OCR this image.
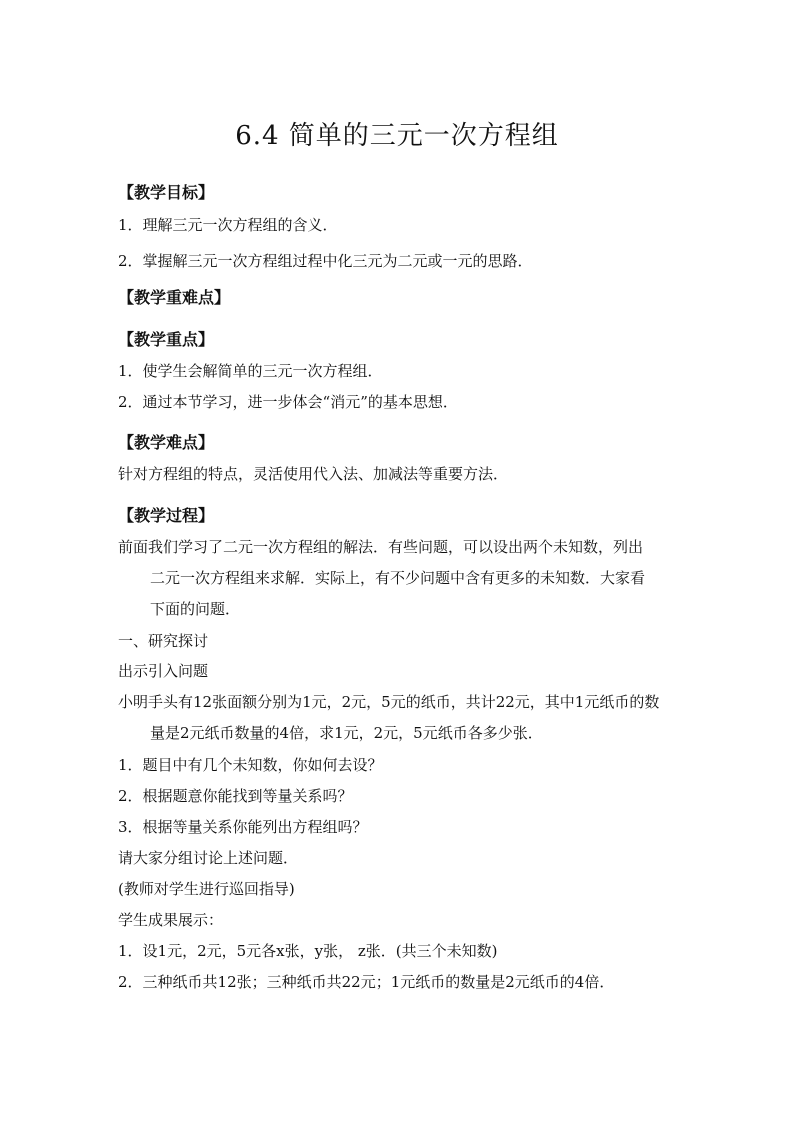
6.4 简单的三元一次方程组
【教学目标】
1．理解三元一次方程组的含义．
2．掌握解三元一次方程组过程中化三元为二元或一元的思路．
【教学重难点】
【教学重点】
1．使学生会解简单的三元一次方程组．
2．通过本节学习，进一步体会“消元”的基本思想．
【教学难点】
针对方程组的特点，灵活使用代入法、加减法等重要方法．
【教学过程】
前面我们学习了二元一次方程组的解法．有些问题，可以设出两个未知数，列出
二元一次方程组来求解．实际上，有不少问题中含有更多的未知数．大家看
下面的问题．
一、研究探讨
出示引入问题
小明手头有12张面额分别为1元，2元，5元的纸币，共计22元，其中1元纸币的数
量是2元纸币数量的4倍，求1元，2元，5元纸币各多少张．
1．题目中有几个未知数，你如何去设？
2．根据题意你能找到等量关系吗？
3．根据等量关系你能列出方程组吗？
请大家分组讨论上述问题．
(教师对学生进行巡回指导)
学生成果展示：
1．设1元，2元，5元各x张，y张， z张．(共三个未知数)
2．三种纸币共12张；三种纸币共22元；1元纸币的数量是2元纸币的4倍．
